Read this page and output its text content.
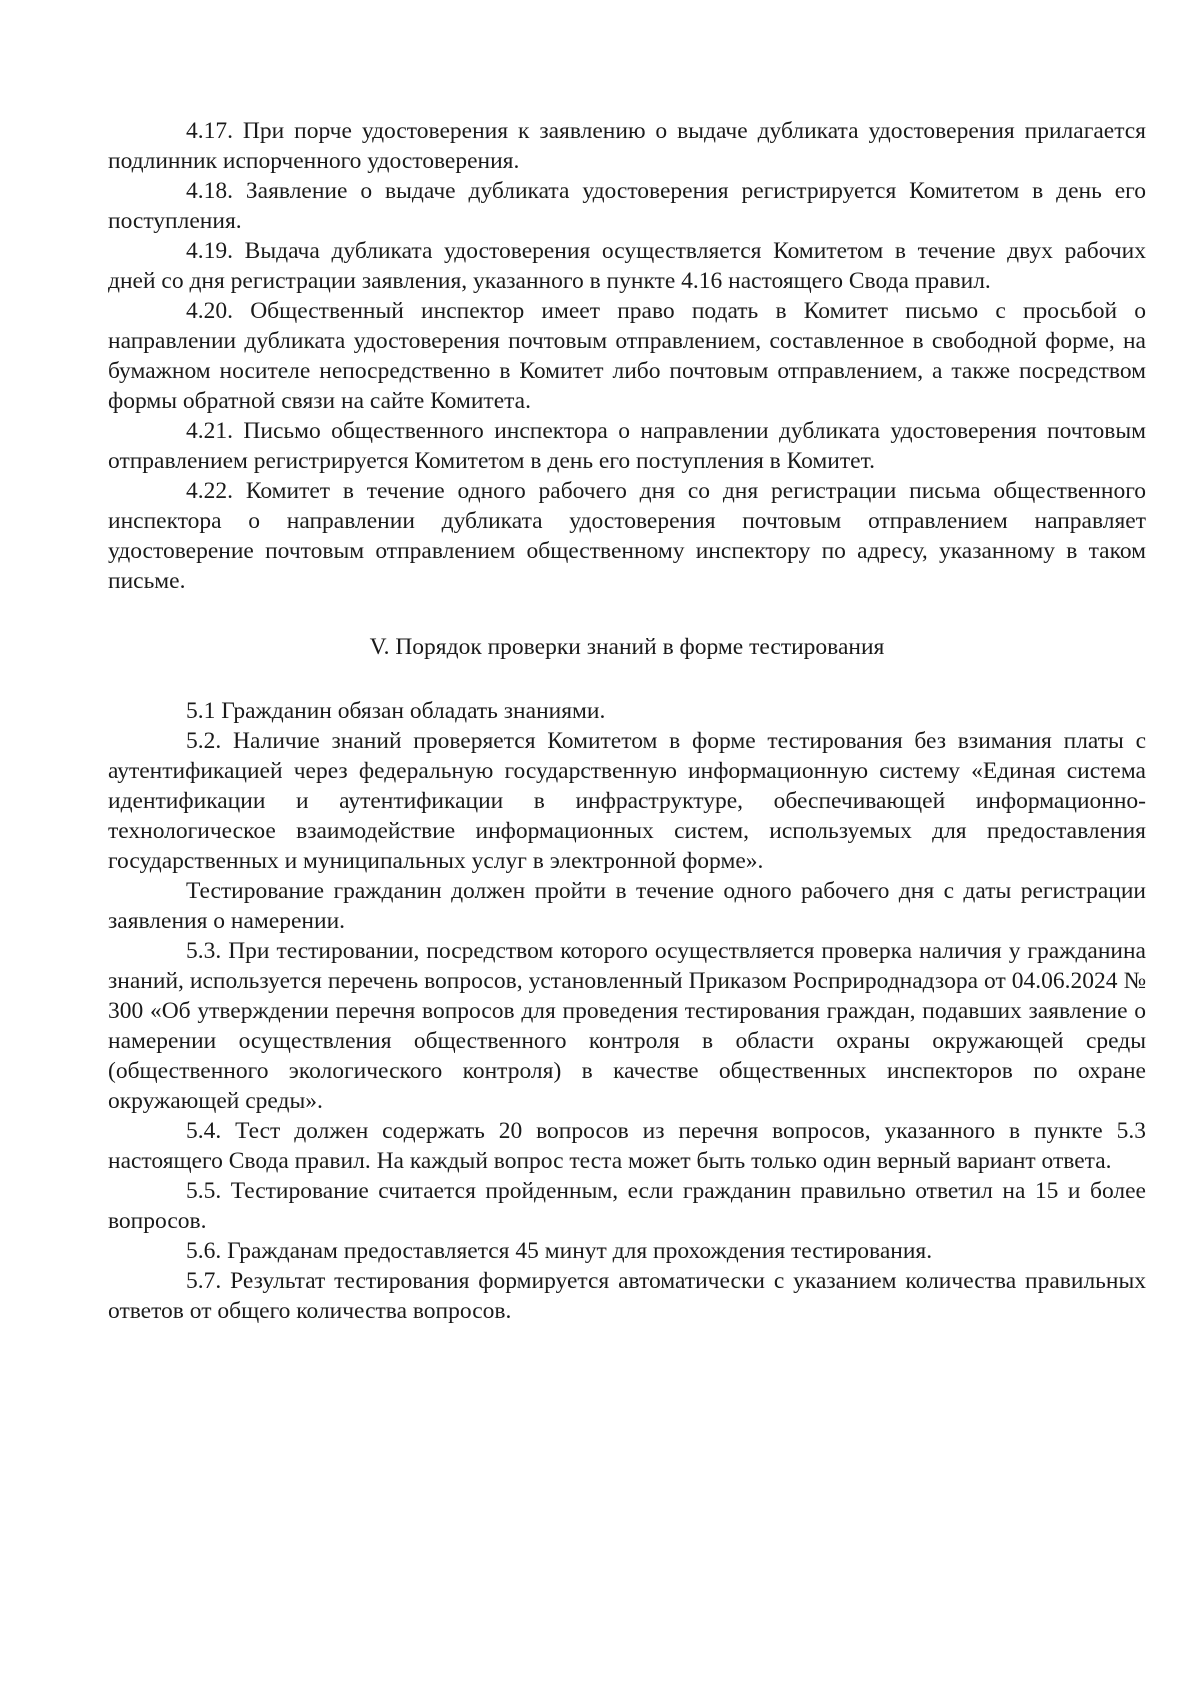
4.17. При порче удостоверения к заявлению о выдаче дубликата удостоверения прилагается подлинник испорченного удостоверения.

4.18. Заявление о выдаче дубликата удостоверения регистрируется Комитетом в день его поступления.

4.19. Выдача дубликата удостоверения осуществляется Комитетом в течение двух рабочих дней со дня регистрации заявления, указанного в пункте 4.16 настоящего Свода правил.

4.20. Общественный инспектор имеет право подать в Комитет письмо с просьбой о направлении дубликата удостоверения почтовым отправлением, составленное в свободной форме, на бумажном носителе непосредственно в Комитет либо почтовым отправлением, а также посредством формы обратной связи на сайте Комитета.

4.21. Письмо общественного инспектора о направлении дубликата удостоверения почтовым отправлением регистрируется Комитетом в день его поступления в Комитет.

4.22. Комитет в течение одного рабочего дня со дня регистрации письма общественного инспектора о направлении дубликата удостоверения почтовым отправлением направляет удостоверение почтовым отправлением общественному инспектору по адресу, указанному в таком письме.

V. Порядок проверки знаний в форме тестирования

5.1 Гражданин обязан обладать знаниями.

5.2. Наличие знаний проверяется Комитетом в форме тестирования без взимания платы с аутентификацией через федеральную государственную информационную систему «Единая система идентификации и аутентификации в инфраструктуре, обеспечивающей информационно-технологическое взаимодействие информационных систем, используемых для предоставления государственных и муниципальных услуг в электронной форме».

Тестирование гражданин должен пройти в течение одного рабочего дня с даты регистрации заявления о намерении.

5.3. При тестировании, посредством которого осуществляется проверка наличия у гражданина знаний, используется перечень вопросов, установленный Приказом Росприроднадзора от 04.06.2024 № 300 «Об утверждении перечня вопросов для проведения тестирования граждан, подавших заявление о намерении осуществления общественного контроля в области охраны окружающей среды (общественного экологического контроля) в качестве общественных инспекторов по охране окружающей среды».

5.4. Тест должен содержать 20 вопросов из перечня вопросов, указанного в пункте 5.3 настоящего Свода правил. На каждый вопрос теста может быть только один верный вариант ответа.

5.5. Тестирование считается пройденным, если гражданин правильно ответил на 15 и более вопросов.

5.6. Гражданам предоставляется 45 минут для прохождения тестирования.

5.7. Результат тестирования формируется автоматически с указанием количества правильных ответов от общего количества вопросов.
